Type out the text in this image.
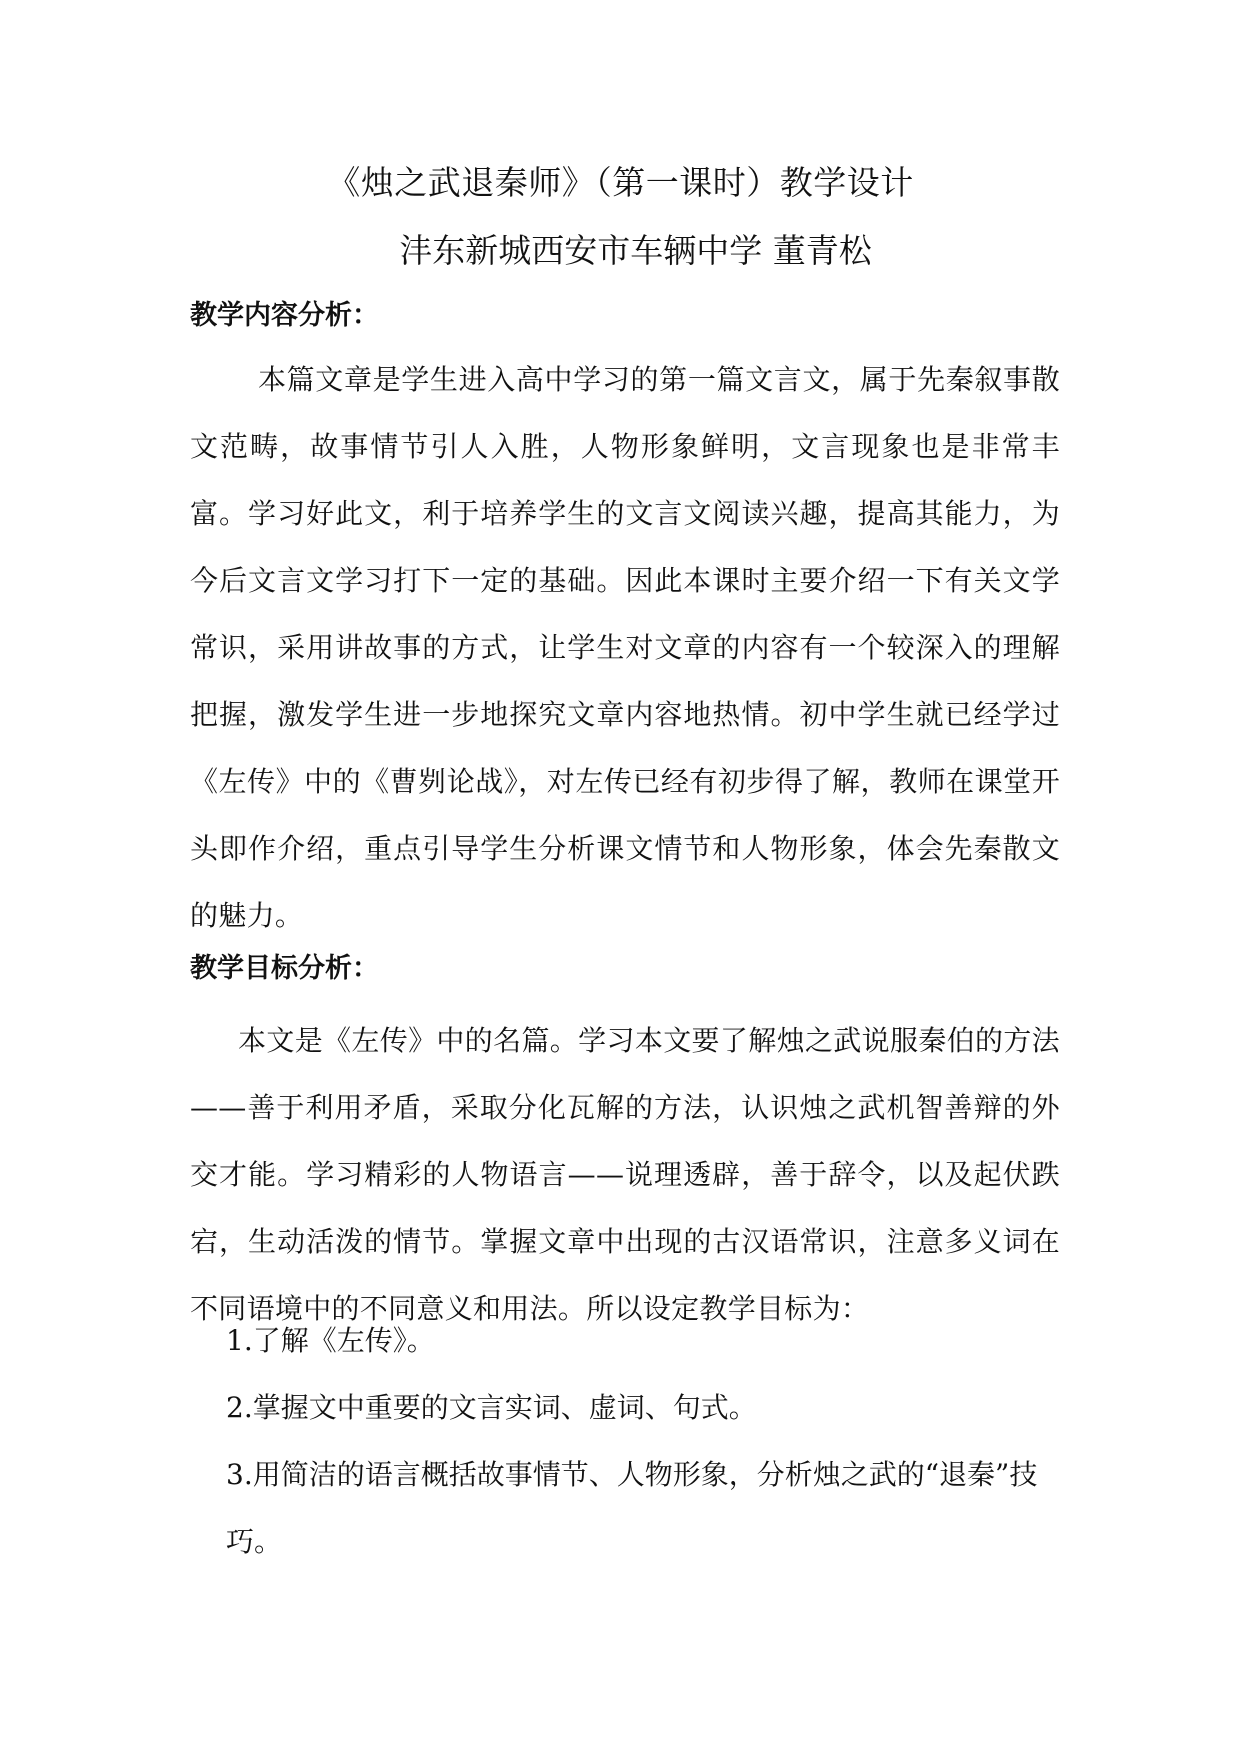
《烛之武退秦师》（第一课时）教学设计
沣东新城西安市车辆中学 董青松
教学内容分析：

本篇文章是学生进入高中学习的第一篇文言文，属于先秦叙事散文范畴，故事情节引人入胜，人物形象鲜明，文言现象也是非常丰富。学习好此文，利于培养学生的文言文阅读兴趣，提高其能力，为今后文言文学习打下一定的基础。因此本课时主要介绍一下有关文学常识，采用讲故事的方式，让学生对文章的内容有一个较深入的理解把握，激发学生进一步地探究文章内容地热情。初中学生就已经学过《左传》中的《曹刿论战》，对左传已经有初步得了解，教师在课堂开头即作介绍，重点引导学生分析课文情节和人物形象，体会先秦散文的魅力。

教学目标分析：

本文是《左传》中的名篇。学习本文要了解烛之武说服秦伯的方法——善于利用矛盾，采取分化瓦解的方法，认识烛之武机智善辩的外交才能。学习精彩的人物语言——说理透辟，善于辞令，以及起伏跌宕，生动活泼的情节。掌握文章中出现的古汉语常识，注意多义词在不同语境中的不同意义和用法。所以设定教学目标为：

1.了解《左传》。
2.掌握文中重要的文言实词、虚词、句式。
3.用简洁的语言概括故事情节、人物形象，分析烛之武的“退秦”技巧。
